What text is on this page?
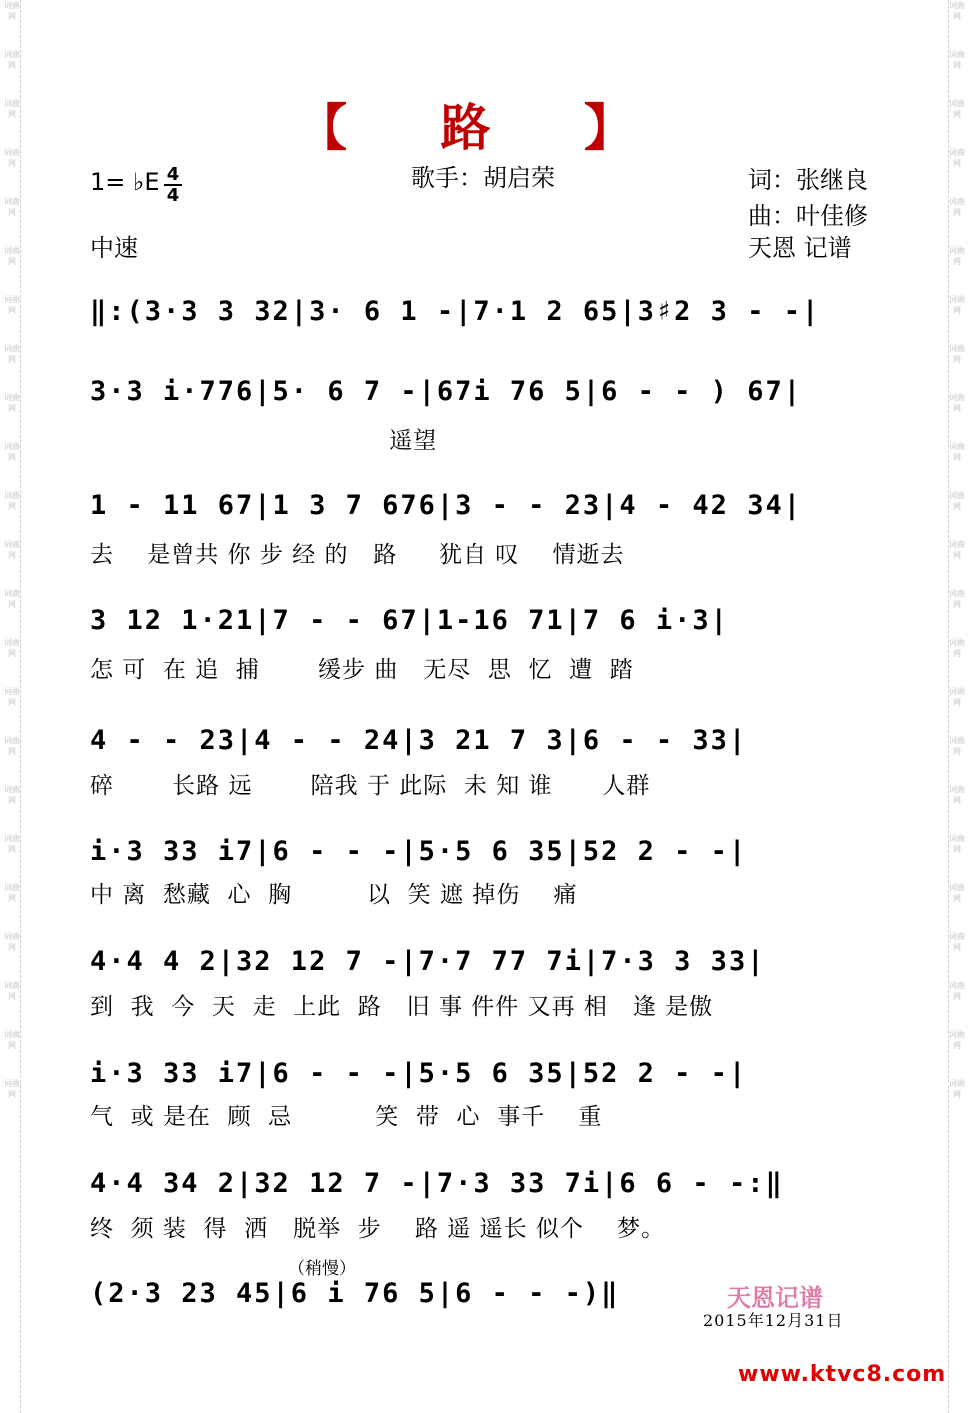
词曲网
词曲网
词曲网
词曲网
词曲网
词曲网
词曲网
词曲网
词曲网
词曲网
词曲网
词曲网
词曲网
词曲网
词曲网
词曲网
词曲网
词曲网
词曲网
词曲网
词曲网
词曲网
词曲网
词曲网
词曲网
词曲网
词曲网
词曲网
词曲网
词曲网
词曲网
词曲网
词曲网
词曲网
词曲网
词曲网
词曲网
词曲网
词曲网
词曲网
词曲网
词曲网
词曲网
词曲网
词曲网
词曲网
【 路 】
歌手：胡启荣	词：张继良
曲：叶佳修
天恩 记谱
1= ♭E 4
4
中速
‖:(3·3 3 32|3· 6 1 -|7·1 2 65|3♯2 3 - -|
3·3 i·776|5· 6 7 -|67i 76 5|6 - - ) 67|
遥望
1 - 11 67|1 3 7 676|3 - - 23|4 - 42 34|
去    是曾共 你 步 经 的   路     犹自 叹    情逝去
3 12 1·21|7 - - 67|1-16 71|7 6 i·3|
怎 可  在 追  捕       缓步 曲   无尽  思  忆  遭  踏
4 - - 23|4 - - 24|3 21 7 3|6 - - 33|
碎       长路 远       陪我 于 此际  未 知 谁      人群
i·3 33 i7|6 - - -|5·5 6 35|52 2 - -|
中 离  愁藏  心  胸         以  笑 遮 掉伤    痛
4·4 4 2|32 12 7 -|7·7 77 7i|7·3 3 33|
到  我  今  天  走  上此  路   旧 事 件件 又再 相   逢 是傲
i·3 33 i7|6 - - -|5·5 6 35|52 2 - -|
气  或 是在  顾  忌          笑  带  心  事千    重
4·4 34 2|32 12 7 -|7·3 33 7i|6 6 - -:‖
终  须 装  得  洒   脱举  步    路 遥 遥长 似个    梦。
（稍慢）
(2·3 23 45|6 i 76 5|6 - - -)‖	天恩记谱
2015年12月31日
www.ktvc8.com
